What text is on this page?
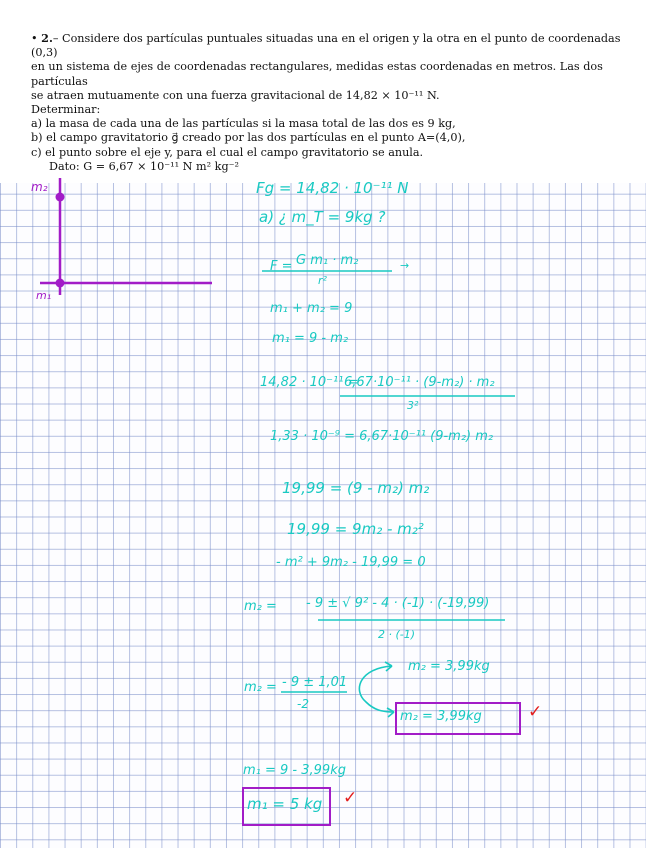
• 2.– Considere dos partículas puntuales situadas una en el origen y la otra en el punto de coordenadas (0,3)

en un sistema de ejes de coordenadas rectangulares, medidas estas coordenadas en metros. Las dos partículas

se atraen mutuamente con una fuerza gravitacional de 14,82 × 10⁻¹¹ N.

Determinar:

a) la masa de cada una de las partículas si la masa total de las dos es 9 kg,

b) el campo gravitatorio g⃗ creado por las dos partículas en el punto A=(4,0),

c) el punto sobre el eje y, para el cual el campo gravitatorio se anula.

Dato: G = 6,67 × 10⁻¹¹ N m² kg⁻²

m₂
m₁
Fg = 14,82 · 10⁻¹¹ N
a) ¿ m_T = 9kg ?
F = G m₁ · m₂
r²
→
m₁ + m₂ = 9
m₁ = 9 - m₂
14,82 · 10⁻¹¹ =
6,67·10⁻¹¹ · (9-m₂) · m₂
3²
1,33 · 10⁻⁹ = 6,67·10⁻¹¹ (9-m₂) m₂
19,99 = (9 - m₂) m₂
19,99 = 9m₂ - m₂²
- m² + 9m₂ - 19,99 = 0
m₂ = - 9 ± √ 9² - 4 · (-1) · (-19,99)
2 · (-1)
m₂ = - 9 ± 1,01
-2
m₂ = 3,99kg
m₂ = 3,99kg	✓
m₁ = 9 - 3,99kg
m₁ = 5 kg ✓
